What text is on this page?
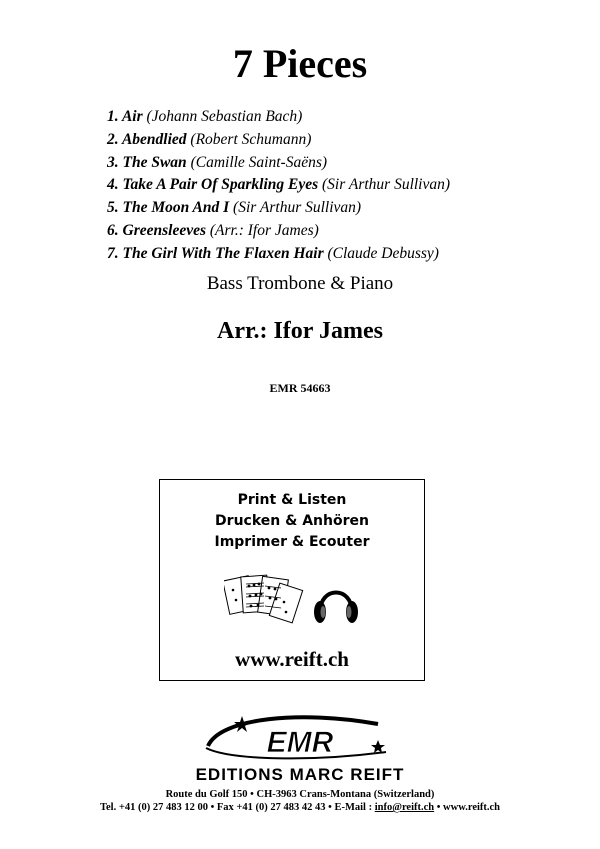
7 Pieces
1. Air (Johann Sebastian Bach)
2. Abendlied (Robert Schumann)
3. The Swan (Camille Saint-Saëns)
4. Take A Pair Of Sparkling Eyes (Sir Arthur Sullivan)
5. The Moon And I (Sir Arthur Sullivan)
6. Greensleeves (Arr.: Ifor James)
7. The Girl With The Flaxen Hair (Claude Debussy)
Bass Trombone & Piano
Arr.: Ifor James
EMR 54663
Print & Listen
Drucken & Anhören
Imprimer & Ecouter
www.reift.ch
EMR
EDITIONS MARC REIFT
Route du Golf 150 • CH-3963 Crans-Montana (Switzerland)
Tel. +41 (0) 27 483 12 00 • Fax +41 (0) 27 483 42 43 • E-Mail : info@reift.ch • www.reift.ch
